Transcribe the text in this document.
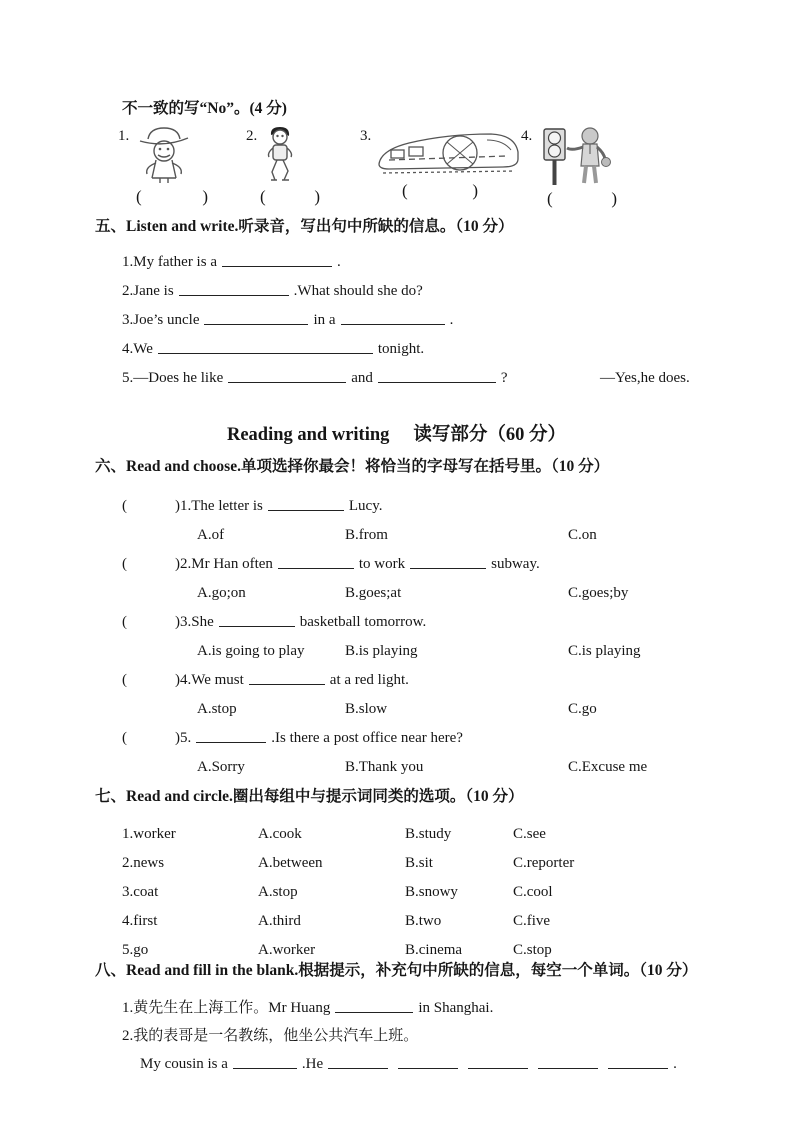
不一致的写“No”。(4 分)
1.
(	)
2.
(	)
3.
(	)
4.
(	)
五、Listen and write.听录音，写出句中所缺的信息。（10 分）
1.My father is a	.
2.Jane is	.What should she do?
3.Joe’s uncle	in a	.
4.We	tonight.
5.—Does he like	and	?	—Yes,he does.
Reading and writing 读写部分（60 分）
六、Read and choose.单项选择你最会！将恰当的字母写在括号里。（10 分）
(	)1.The letter is	Lucy.
A.of	B.from	C.on
(	)2.Mr Han often	to work	subway.
A.go;on	B.goes;at	C.goes;by
(	)3.She	basketball tomorrow.
A.is going to play	B.is playing	C.is playing
(	)4.We must	at a red light.
A.stop	B.slow	C.go
(	)5.	.Is there a post office near here?
A.Sorry	B.Thank you	C.Excuse me
七、Read and circle.圈出每组中与提示词同类的选项。（10 分）
1.worker	A.cook	B.study	C.see
2.news	A.between	B.sit	C.reporter
3.coat	A.stop	B.snowy	C.cool
4.first	A.third	B.two	C.five
5.go	A.worker	B.cinema	C.stop
八、Read and fill in the blank.根据提示，补充句中所缺的信息，每空一个单词。（10 分）
1.黄先生在上海工作。Mr Huang	in Shanghai.
2.我的表哥是一名教练，他坐公共汽车上班。
My cousin is a	.He	.
